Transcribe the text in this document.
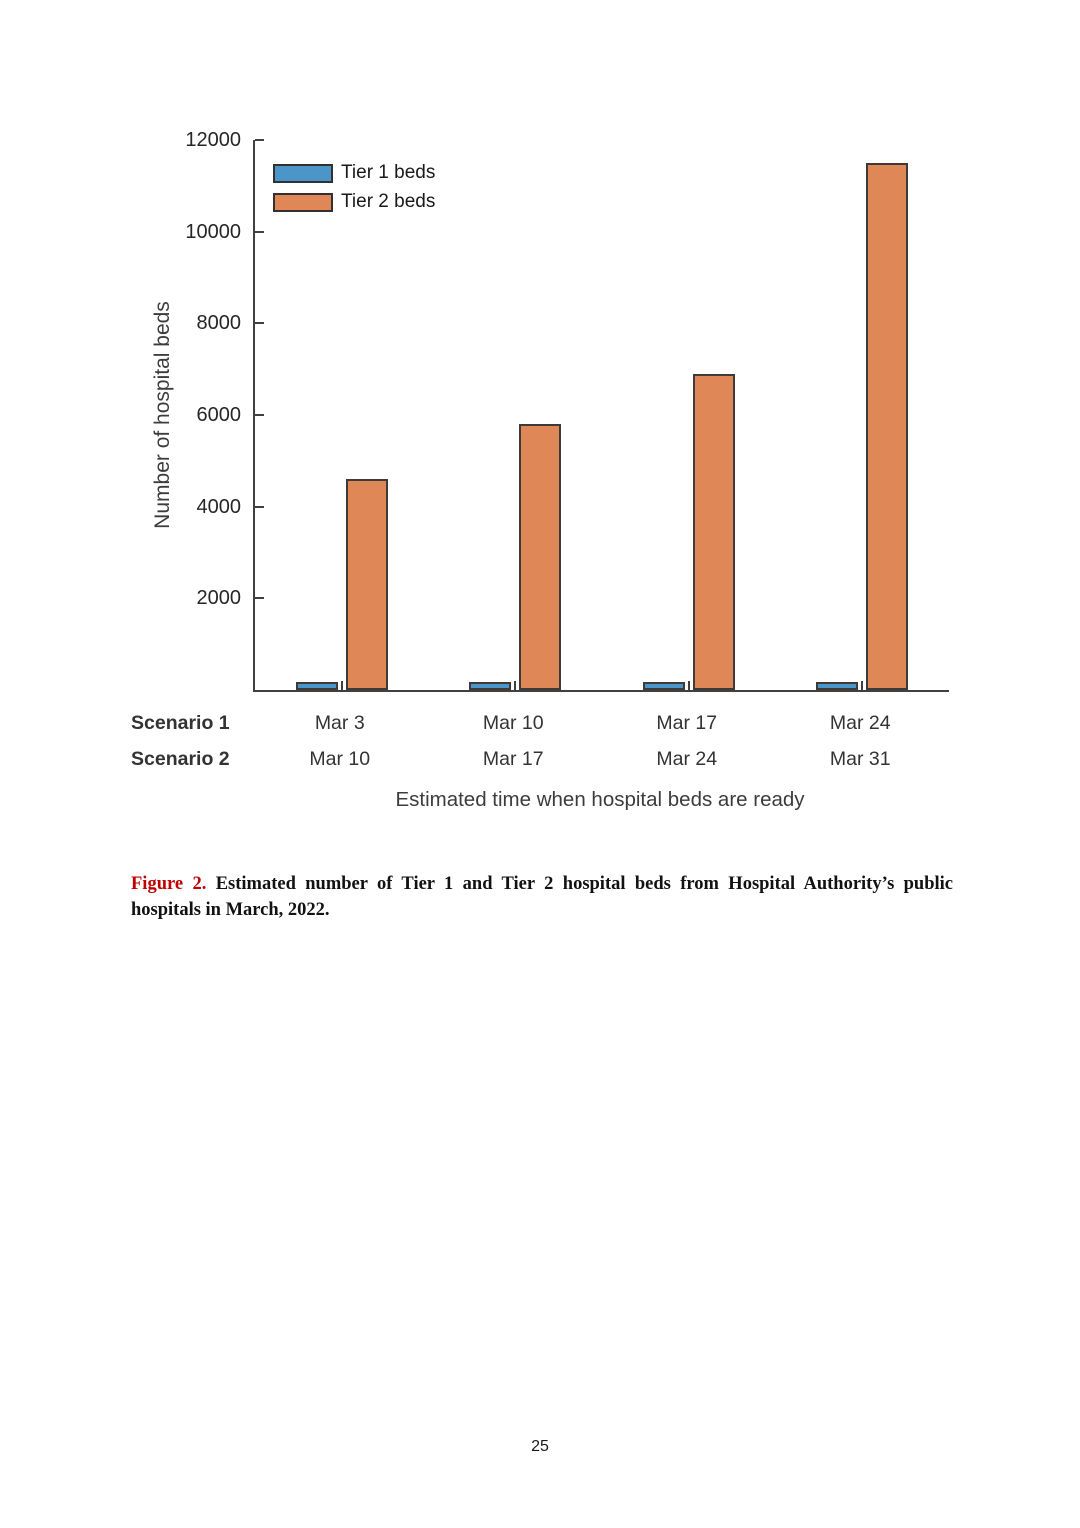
Tier 1 beds
Tier 2 beds
2000
4000
6000
8000
10000
12000
Number of hospital beds
Scenario 1	Mar 3	Mar 10	Mar 17	Mar 24
Scenario 2	Mar 10	Mar 17	Mar 24	Mar 31
Estimated time when hospital beds are ready
Figure 2. Estimated number of Tier 1 and Tier 2 hospital beds from Hospital Authority’s public hospitals in March, 2022.
25
